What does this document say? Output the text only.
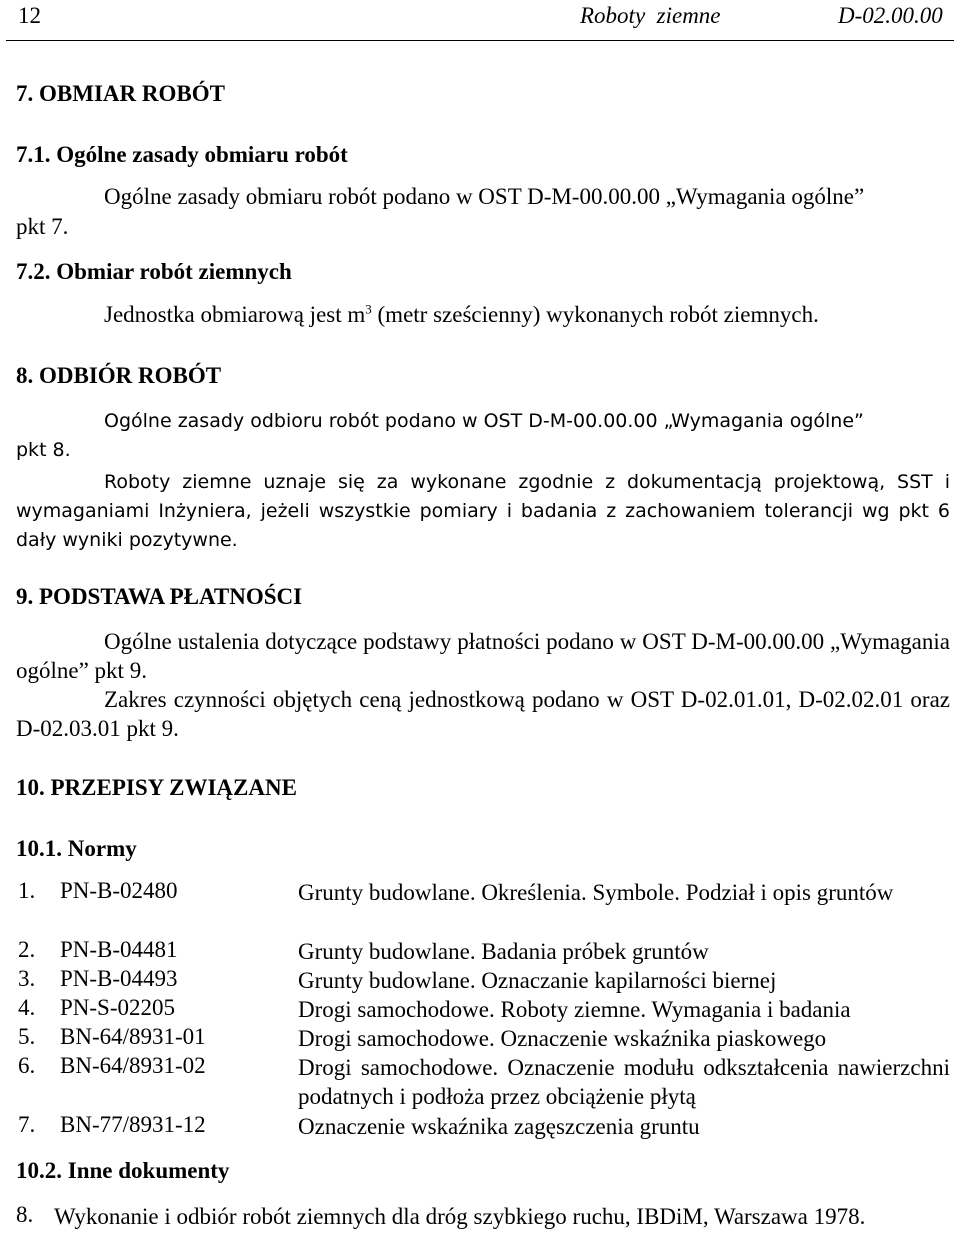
12	Roboty  ziemne	D-02.00.00
7. OBMIAR ROBÓT
7.1. Ogólne zasady obmiaru robót
Ogólne zasady obmiaru robót podano w OST D-M-00.00.00 „Wymagania ogólne”
pkt 7.
7.2. Obmiar robót ziemnych
Jednostka obmiarową jest $m^3$ (metr sześcienny) wykonanych robót ziemnych.
8. ODBIÓR ROBÓT
Ogólne zasady odbioru robót podano w OST D-M-00.00.00 „Wymagania ogólne”
pkt 8.
Roboty ziemne uznaje się za wykonane zgodnie z dokumentacją projektową, SST i wymaganiami Inżyniera, jeżeli wszystkie pomiary i badania z zachowaniem tolerancji wg pkt 6 dały wyniki pozytywne.
9. PODSTAWA PŁATNOŚCI
Ogólne ustalenia dotyczące podstawy płatności podano w OST D-M-00.00.00 „Wymagania ogólne” pkt 9.
Zakres czynności objętych ceną jednostkową podano w OST D-02.01.01, D-02.02.01 oraz D-02.03.01 pkt 9.
10. PRZEPISY ZWIĄZANE
10.1. Normy
1. PN-B-02480	Grunty budowlane. Określenia. Symbole. Podział i opis gruntów
2. PN-B-04481	Grunty budowlane. Badania próbek gruntów
3. PN-B-04493	Grunty budowlane. Oznaczanie kapilarności biernej
4. PN-S-02205	Drogi samochodowe. Roboty ziemne. Wymagania i badania
5. BN-64/8931-01	Drogi samochodowe. Oznaczenie wskaźnika piaskowego
6. BN-64/8931-02	Drogi samochodowe. Oznaczenie modułu odkształcenia nawierzchni podatnych i podłoża przez obciążenie płytą
7. BN-77/8931-12	Oznaczenie wskaźnika zagęszczenia gruntu
10.2. Inne dokumenty
8. Wykonanie i odbiór robót ziemnych dla dróg szybkiego ruchu, IBDiM, Warszawa 1978.
